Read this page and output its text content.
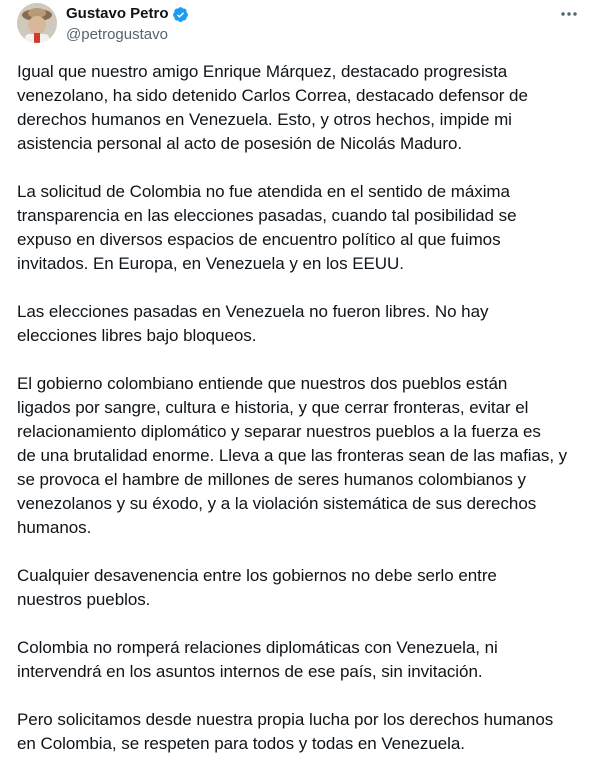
Gustavo Petro
@petrogustavo

Igual que nuestro amigo Enrique Márquez, destacado progresista
venezolano, ha sido detenido Carlos Correa, destacado defensor de
derechos humanos en Venezuela. Esto, y otros hechos, impide mi
asistencia personal al acto de posesión de Nicolás Maduro.

La solicitud de Colombia no fue atendida en el sentido de máxima
transparencia en las elecciones pasadas, cuando tal posibilidad se
expuso en diversos espacios de encuentro político al que fuimos
invitados. En Europa, en Venezuela y en los EEUU.

Las elecciones pasadas en Venezuela no fueron libres. No hay
elecciones libres bajo bloqueos.

El gobierno colombiano entiende que nuestros dos pueblos están
ligados por sangre, cultura e historia, y que cerrar fronteras, evitar el
relacionamiento diplomático y separar nuestros pueblos a la fuerza es
de una brutalidad enorme. Lleva a que las fronteras sean de las mafias, y
se provoca el hambre de millones de seres humanos colombianos y
venezolanos y su éxodo, y a la violación sistemática de sus derechos
humanos.

Cualquier desavenencia entre los gobiernos no debe serlo entre
nuestros pueblos.

Colombia no romperá relaciones diplomáticas con Venezuela, ni
intervendrá en los asuntos internos de ese país, sin invitación.

Pero solicitamos desde nuestra propia lucha por los derechos humanos
en Colombia, se respeten para todos y todas en Venezuela.
